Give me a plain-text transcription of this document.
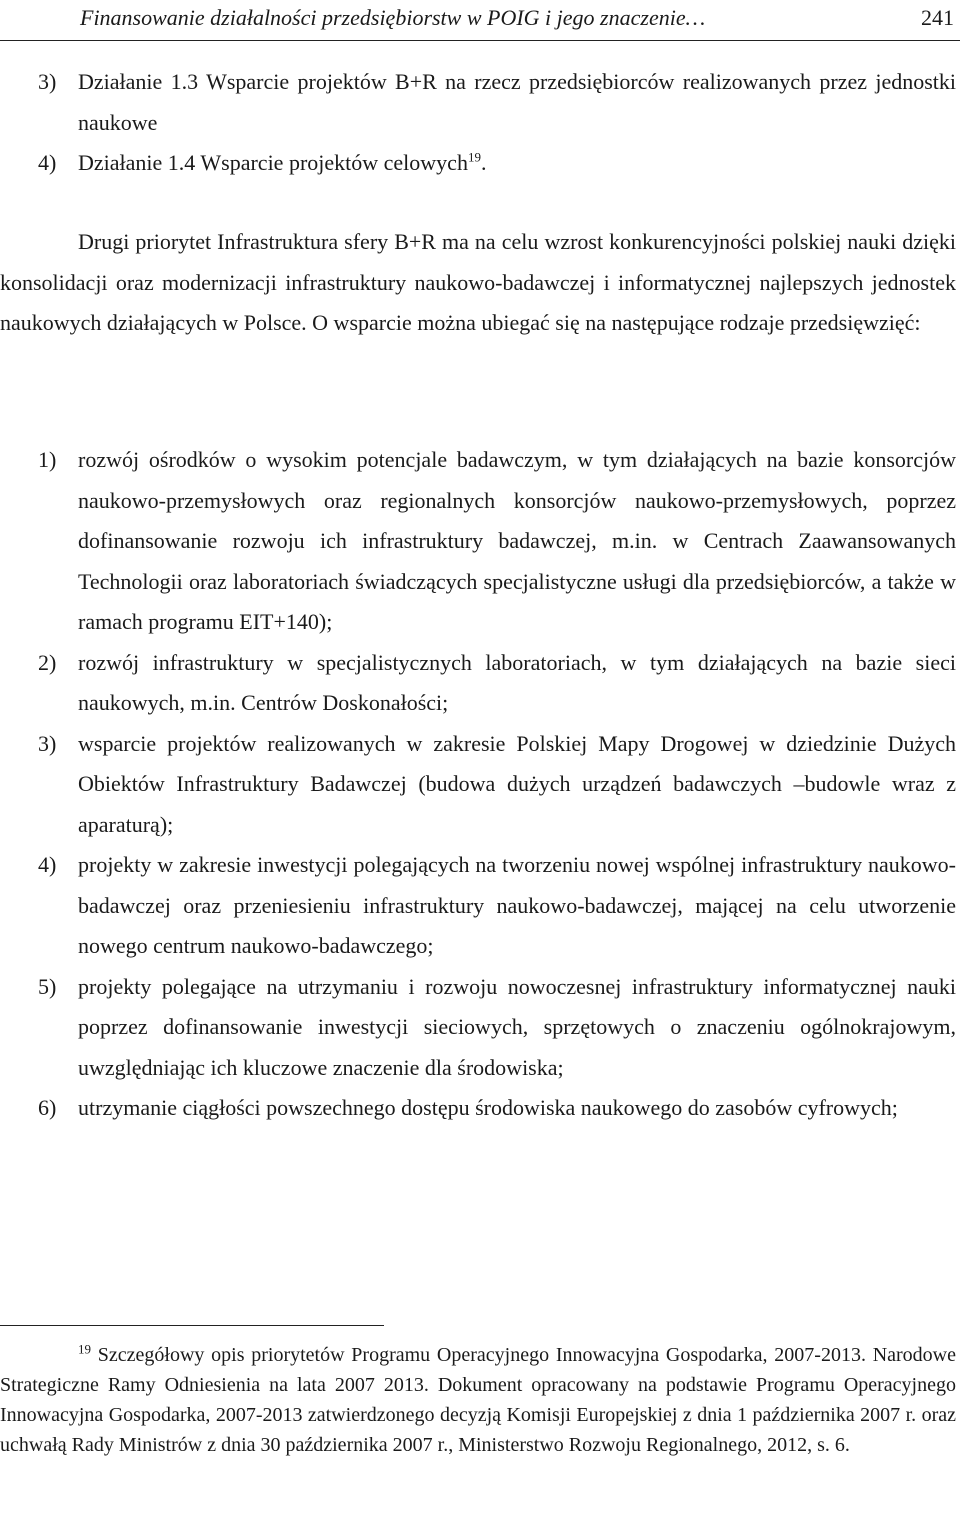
Finansowanie działalności przedsiębiorstw w POIG i jego znaczenie…	241
3) Działanie 1.3 Wsparcie projektów B+R na rzecz przedsiębiorców realizowanych przez jednostki naukowe
4) Działanie 1.4 Wsparcie projektów celowych$^{19}$.
Drugi priorytet Infrastruktura sfery B+R ma na celu wzrost konkurencyjności polskiej nauki dzięki konsolidacji oraz modernizacji infrastruktury naukowo-badawczej i informatycznej najlepszych jednostek naukowych działających w Polsce. O wsparcie można ubiegać się na następujące rodzaje przedsięwzięć:
1) rozwój ośrodków o wysokim potencjale badawczym, w tym działających na bazie konsorcjów naukowo-przemysłowych oraz regionalnych konsorcjów naukowo-przemysłowych, poprzez dofinansowanie rozwoju ich infrastruktury badawczej, m.in. w Centrach Zaawansowanych Technologii oraz laboratoriach świadczących specjalistyczne usługi dla przedsiębiorców, a także w ramach programu EIT+140);
2) rozwój infrastruktury w specjalistycznych laboratoriach, w tym działających na bazie sieci naukowych, m.in. Centrów Doskonałości;
3) wsparcie projektów realizowanych w zakresie Polskiej Mapy Drogowej w dziedzinie Dużych Obiektów Infrastruktury Badawczej (budowa dużych urządzeń badawczych –budowle wraz z aparaturą);
4) projekty w zakresie inwestycji polegających na tworzeniu nowej wspólnej infrastruktury naukowo-badawczej oraz przeniesieniu infrastruktury naukowo-badawczej, mającej na celu utworzenie nowego centrum naukowo-badawczego;
5) projekty polegające na utrzymaniu i rozwoju nowoczesnej infrastruktury informatycznej nauki poprzez dofinansowanie inwestycji sieciowych, sprzętowych o znaczeniu ogólnokrajowym, uwzględniając ich kluczowe znaczenie dla środowiska;
6) utrzymanie ciągłości powszechnego dostępu środowiska naukowego do zasobów cyfrowych;
$^{19}$ Szczegółowy opis priorytetów Programu Operacyjnego Innowacyjna Gospodarka, 2007-2013. Narodowe Strategiczne Ramy Odniesienia na lata 2007 2013. Dokument opracowany na podstawie Programu Operacyjnego Innowacyjna Gospodarka, 2007-2013 zatwierdzonego decyzją Komisji Europejskiej z dnia 1 października 2007 r. oraz uchwałą Rady Ministrów z dnia 30 października 2007 r., Ministerstwo Rozwoju Regionalnego, 2012, s. 6.
